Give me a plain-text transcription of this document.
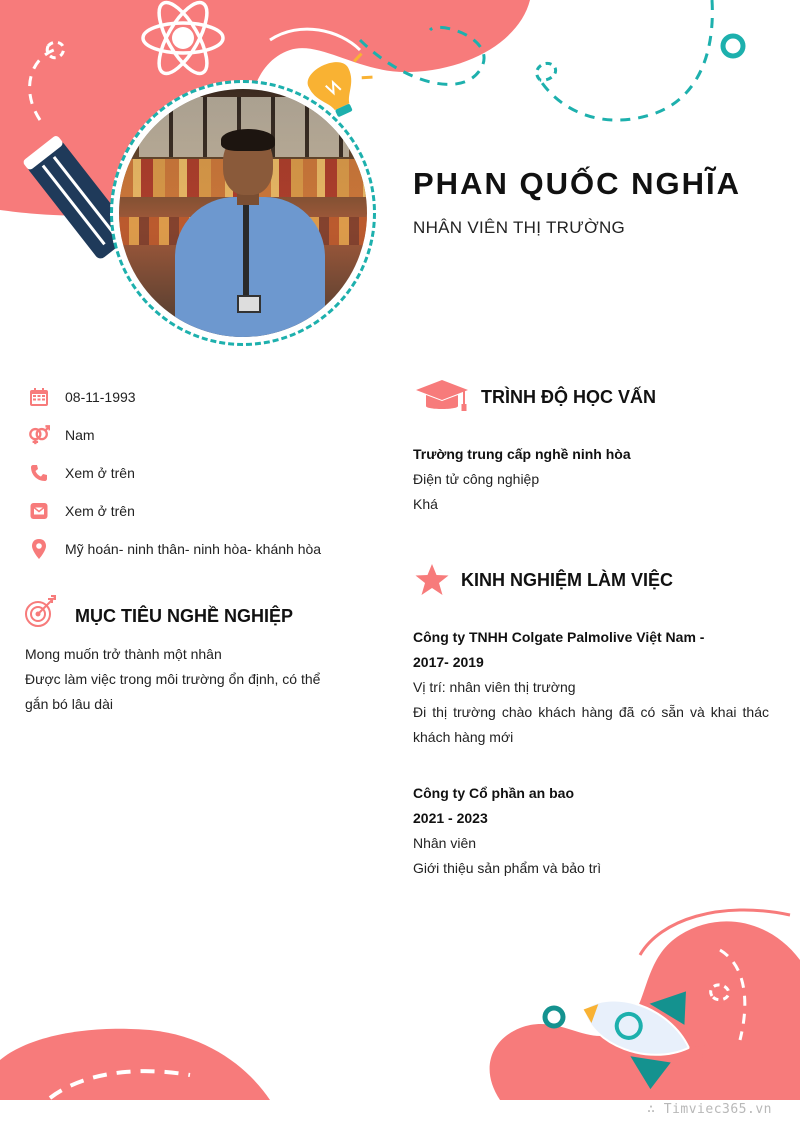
PHAN QUỐC NGHĨA
NHÂN VIÊN THỊ TRƯỜNG
08-11-1993
Nam
Xem ở trên
Xem ở trên
Mỹ hoán- ninh thân- ninh hòa- khánh hòa
MỤC TIÊU NGHỀ NGHIỆP
Mong muốn trở thành một nhân
Được làm việc trong môi trường ổn định, có thể
gắn bó lâu dài
TRÌNH ĐỘ HỌC VẤN
Trường trung cấp nghề ninh hòa
Điện tử công nghiệp
Khá
KINH NGHIỆM LÀM VIỆC
Công ty TNHH Colgate Palmolive Việt Nam -
2017- 2019
Vị trí: nhân viên thị trường
Đi thị trường chào khách hàng đã có sẵn và khai thác khách hàng mới
Công ty Cổ phần an bao
2021 - 2023
Nhân viên
Giới thiệu sản phẩm và bảo trì
∴ Timviec365.vn
